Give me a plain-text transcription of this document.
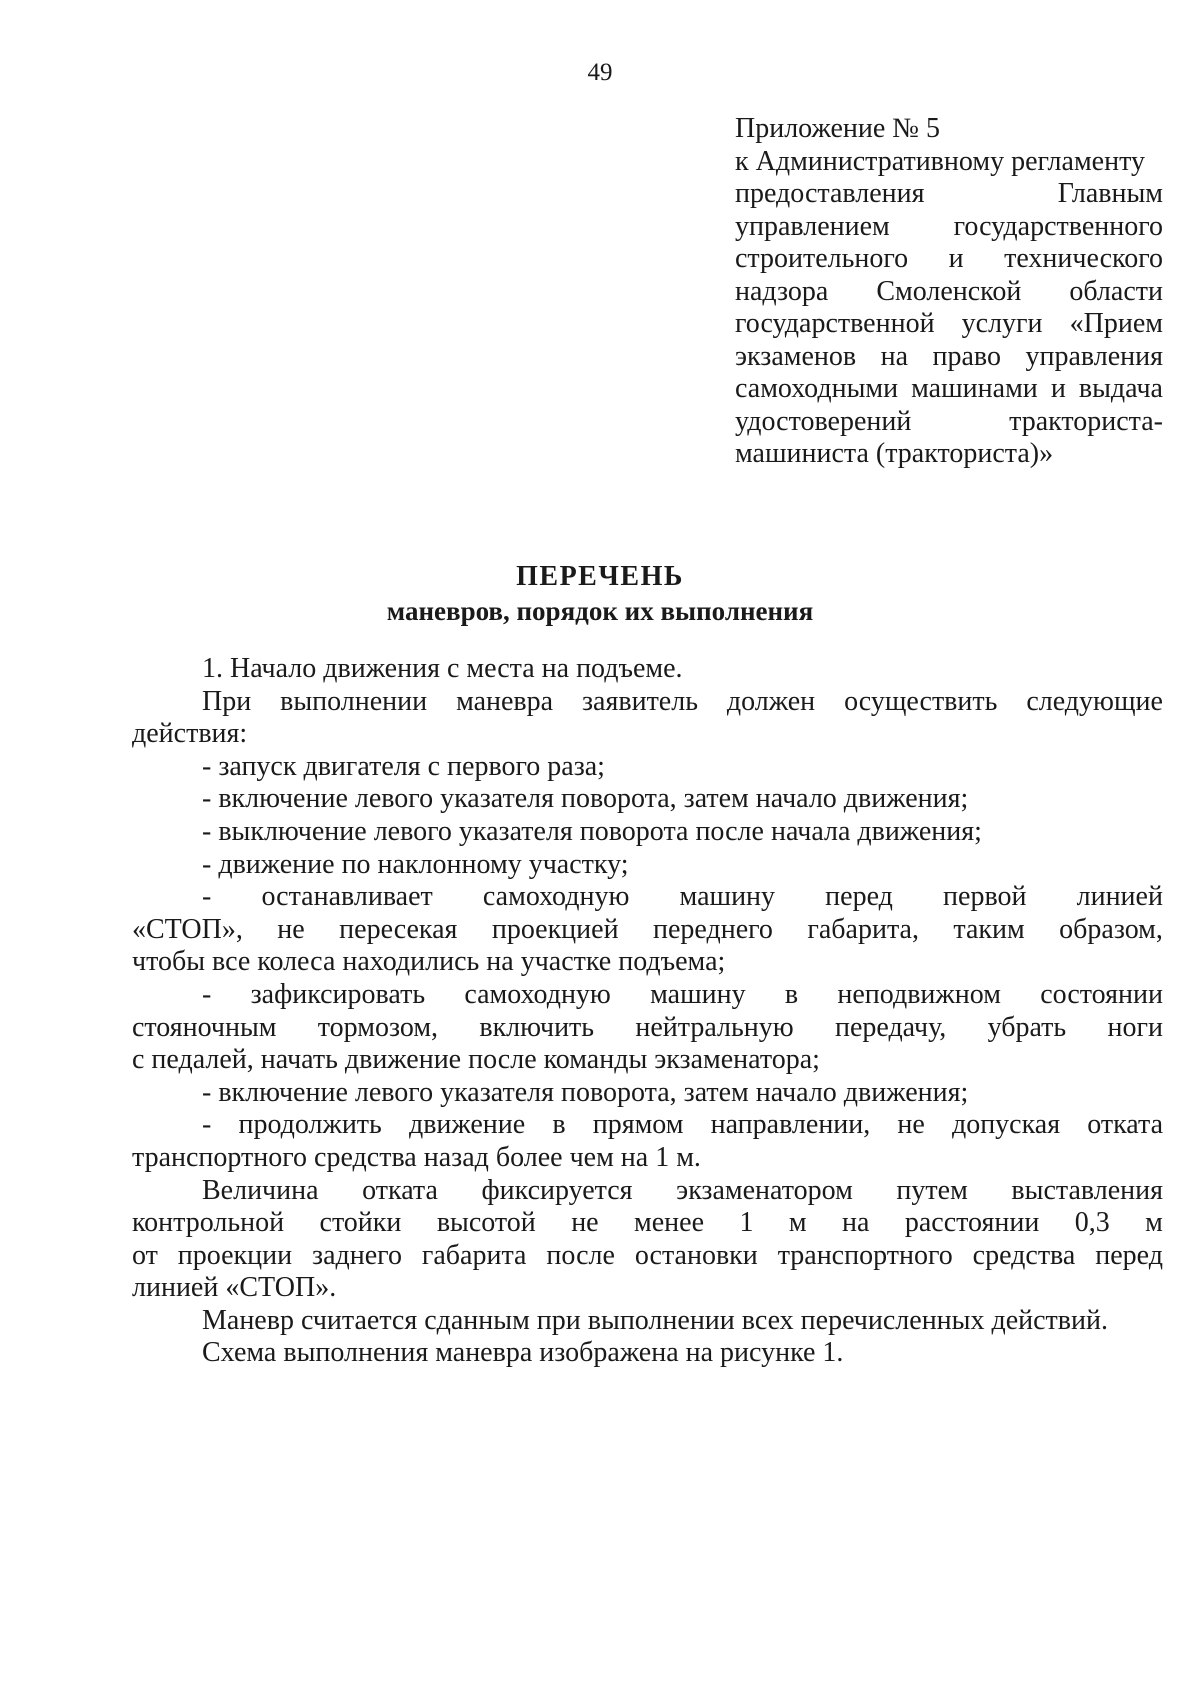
49
Приложение № 5
к Административному регламенту
предоставления	Главным
управлением государственного
строительного и технического
надзора Смоленской области
государственной услуги «Прием
экзаменов на право управления
самоходными машинами и выдача
удостоверений	тракториста-
машиниста (тракториста)»
ПЕРЕЧЕНЬ
маневров, порядок их выполнения
1. Начало движения с места на подъеме.
При выполнении маневра заявитель должен осуществить следующие
действия:
- запуск двигателя с первого раза;
- включение левого указателя поворота, затем начало движения;
- выключение левого указателя поворота после начала движения;
- движение по наклонному участку;
- останавливает самоходную машину перед первой линией
«СТОП», не пересекая проекцией переднего габарита, таким образом,
чтобы все колеса находились на участке подъема;
- зафиксировать самоходную машину в неподвижном состоянии
стояночным тормозом, включить нейтральную передачу, убрать ноги
с педалей, начать движение после команды экзаменатора;
- включение левого указателя поворота, затем начало движения;
- продолжить движение в прямом направлении, не допуская отката
транспортного средства назад более чем на 1 м.
Величина отката фиксируется экзаменатором путем выставления
контрольной стойки высотой не менее 1 м на расстоянии 0,3 м
от проекции заднего габарита после остановки транспортного средства перед
линией «СТОП».
Маневр считается сданным при выполнении всех перечисленных действий.
Схема выполнения маневра изображена на рисунке 1.
